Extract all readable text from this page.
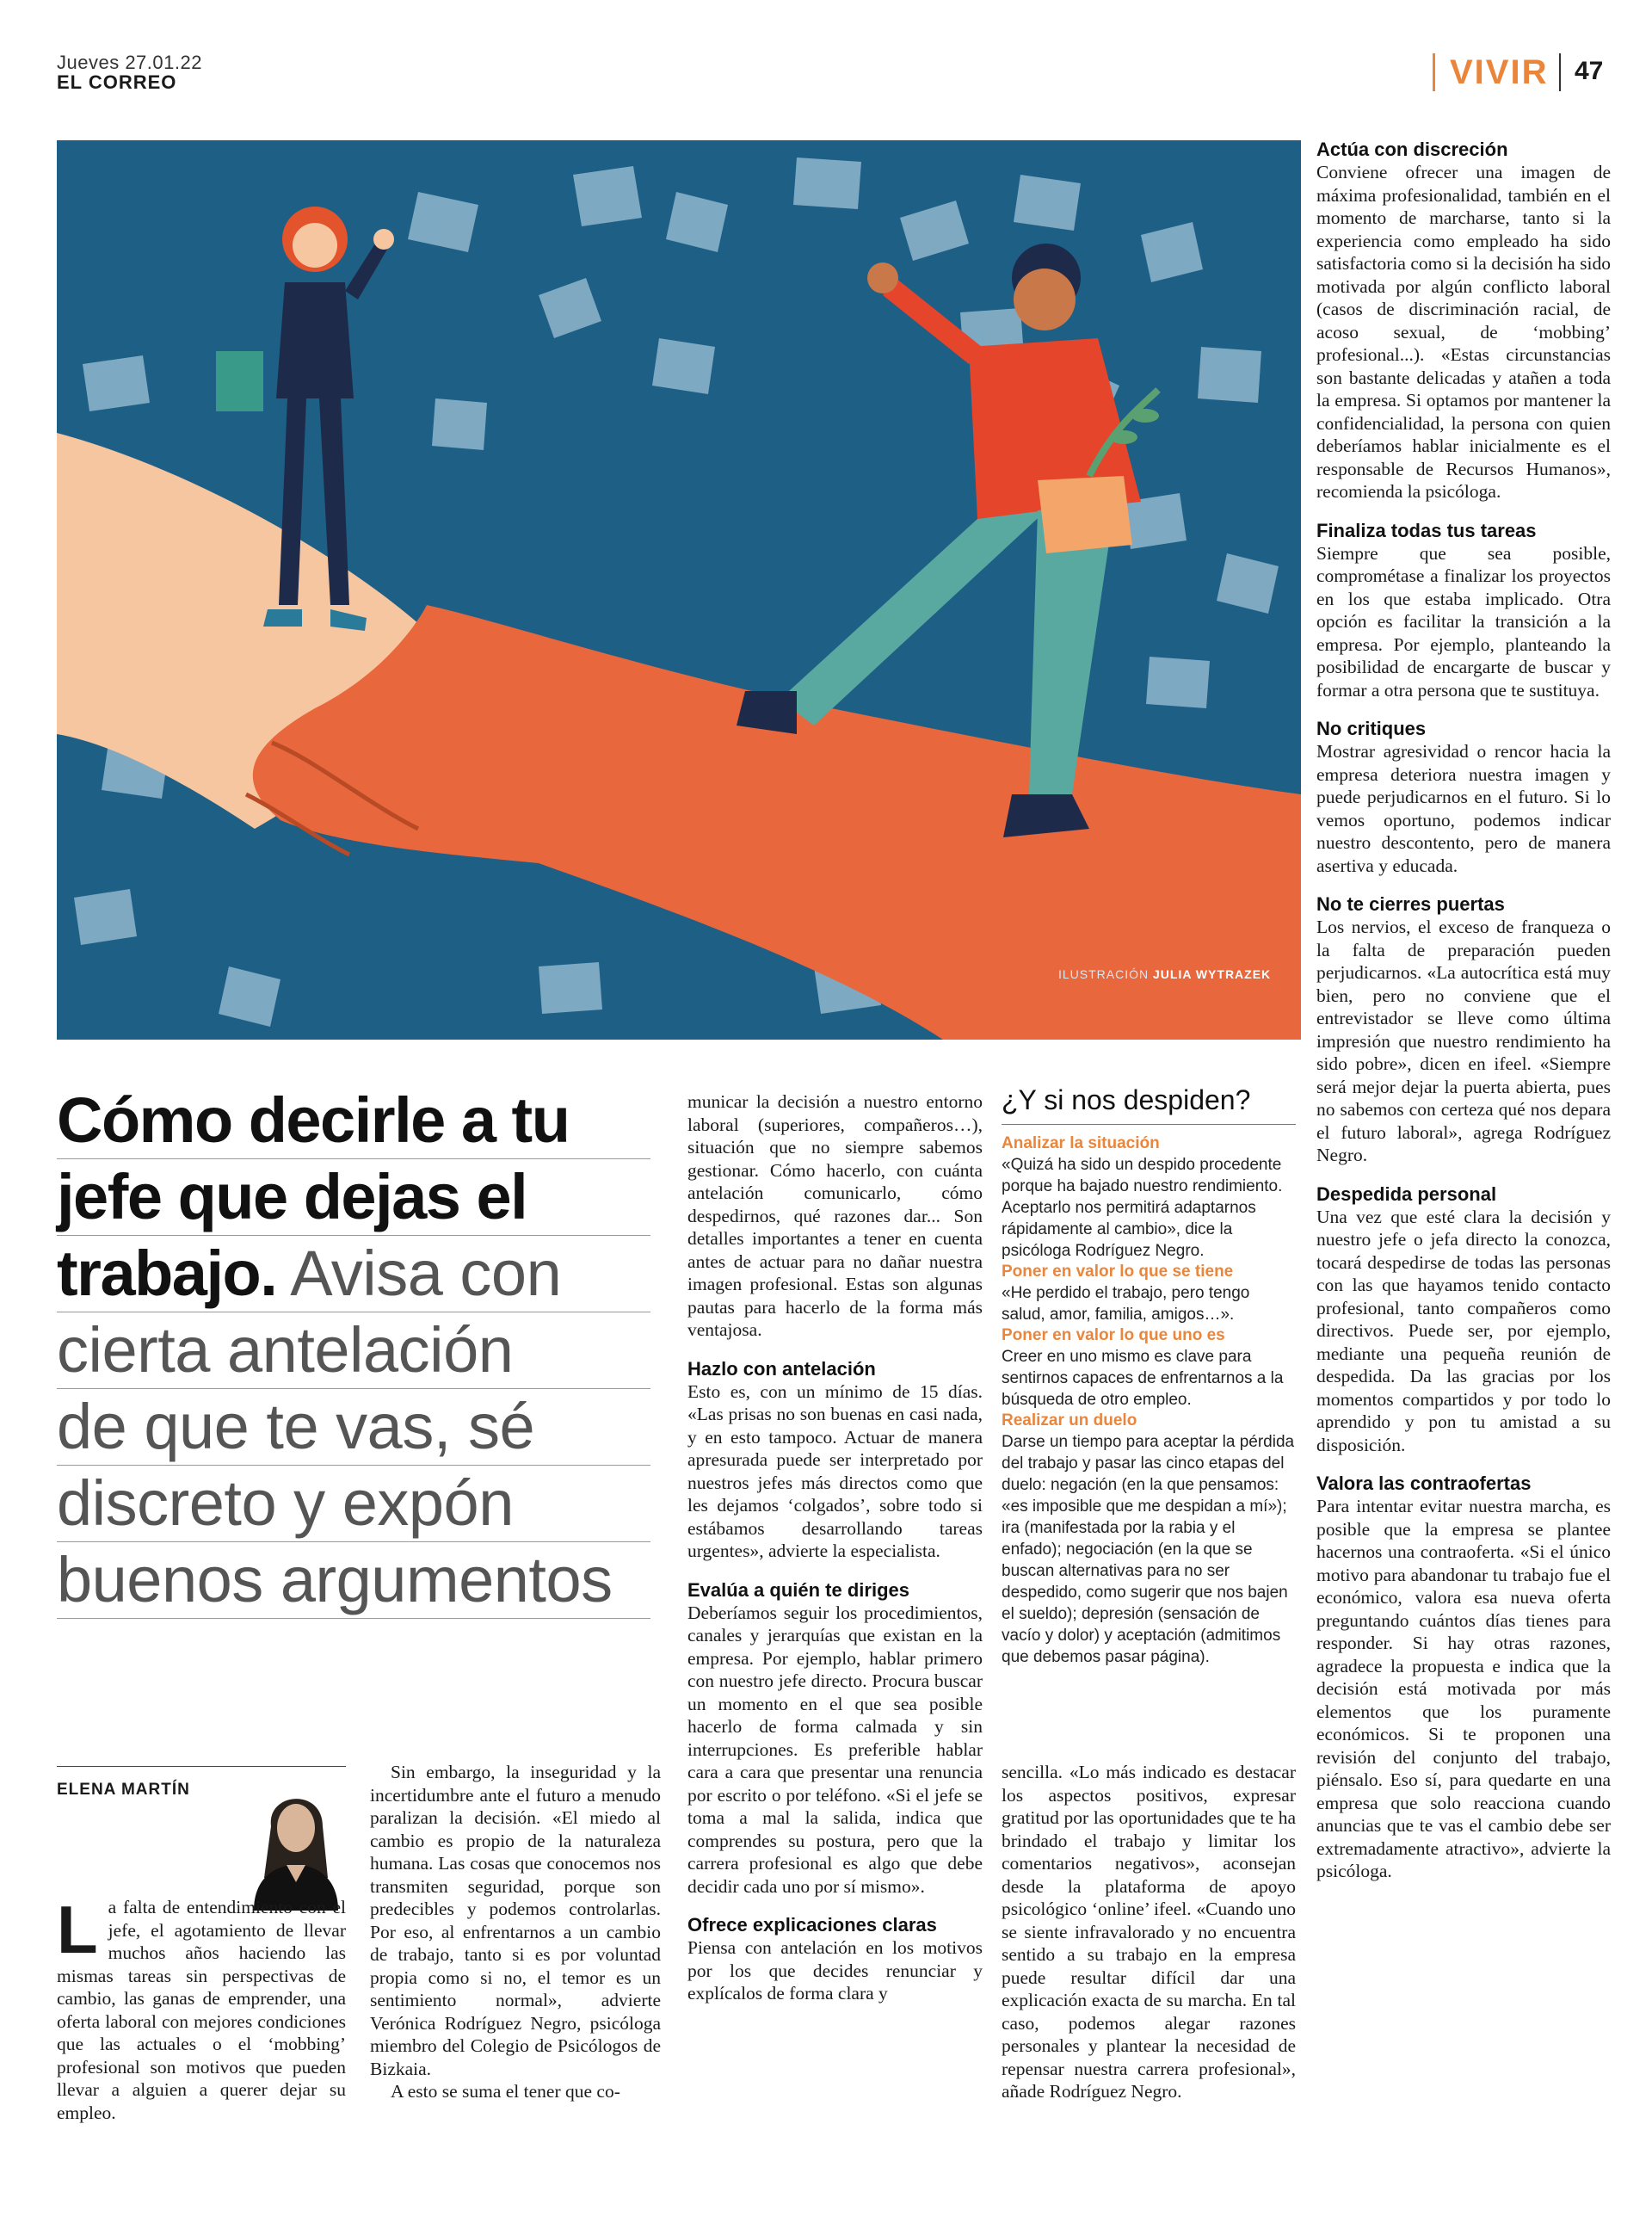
Jueves 27.01.22
EL CORREO	VIVIR 47
ILUSTRACIÓN JULIA WYTRAZEK
Cómo decirle a tu
jefe que dejas el
trabajo. Avisa con
cierta antelación
de que te vas, sé
discreto y expón
buenos argumentos
ELENA MARTÍN

La falta de entendimiento con el jefe, el agotamiento de llevar muchos años haciendo las mismas tareas sin perspectivas de cambio, las ganas de emprender, una oferta laboral con mejores condiciones que las actuales o el ‘mobbing’ profesional son motivos que pueden llevar a alguien a querer dejar su empleo.

Sin embargo, la inseguridad y la incertidumbre ante el futuro a menudo paralizan la decisión. «El miedo al cambio es propio de la naturaleza humana. Las cosas que conocemos nos transmiten seguridad, porque son predecibles y podemos controlarlas. Por eso, al enfrentarnos a un cambio de trabajo, tanto si es por voluntad propia como si no, el temor es un sentimiento normal», advierte Verónica Rodríguez Negro, psicóloga miembro del Colegio de Psicólogos de Bizkaia.

A esto se suma el tener que co-

municar la decisión a nuestro entorno laboral (superiores, compañeros…), situación que no siempre sabemos gestionar. Cómo hacerlo, con cuánta antelación comunicarlo, cómo despedirnos, qué razones dar... Son detalles importantes a tener en cuenta antes de actuar para no dañar nuestra imagen profesional. Estas son algunas pautas para hacerlo de la forma más ventajosa.

Hazlo con antelación

Esto es, con un mínimo de 15 días. «Las prisas no son buenas en casi nada, y en esto tampoco. Actuar de manera apresurada puede ser interpretado por nuestros jefes más directos como que les dejamos ‘colgados’, sobre todo si estábamos desarrollando tareas urgentes», advierte la especialista.

Evalúa a quién te diriges

Deberíamos seguir los procedimientos, canales y jerarquías que existan en la empresa. Por ejemplo, hablar primero con nuestro jefe directo. Procura buscar un momento en el que sea posible hacerlo de forma calmada y sin interrupciones. Es preferible hablar cara a cara que presentar una renuncia por escrito o por teléfono. «Si el jefe se toma a mal la salida, indica que comprendes su postura, pero que la carrera profesional es algo que debe decidir cada uno por sí mismo».

Ofrece explicaciones claras

Piensa con antelación en los motivos por los que decides renunciar y explícalos de forma clara y

¿Y si nos despiden?
Analizar la situación
«Quizá ha sido un despido procedente porque ha bajado nuestro rendimiento. Aceptarlo nos permitirá adaptarnos rápidamente al cambio», dice la psicóloga Rodríguez Negro.
Poner en valor lo que se tiene
«He perdido el trabajo, pero tengo salud, amor, familia, amigos…».
Poner en valor lo que uno es
Creer en uno mismo es clave para sentirnos capaces de enfrentarnos a la búsqueda de otro empleo.
Realizar un duelo
Darse un tiempo para aceptar la pérdida del trabajo y pasar las cinco etapas del duelo: negación (en la que pensamos: «es imposible que me despidan a mí»); ira (manifestada por la rabia y el enfado); negociación (en la que se buscan alternativas para no ser despedido, como sugerir que nos bajen el sueldo); depresión (sensación de vacío y dolor) y aceptación (admitimos que debemos pasar página).

sencilla. «Lo más indicado es destacar los aspectos positivos, expresar gratitud por las oportunidades que te ha brindado el trabajo y limitar los comentarios negativos», aconsejan desde la plataforma de apoyo psicológico ‘online’ ifeel. «Cuando uno se siente infravalorado y no encuentra sentido a su trabajo en la empresa puede resultar difícil dar una explicación exacta de su marcha. En tal caso, podemos alegar razones personales y plantear la necesidad de repensar nuestra carrera profesional», añade Rodríguez Negro.

Actúa con discreción

Conviene ofrecer una imagen de máxima profesionalidad, también en el momento de marcharse, tanto si la experiencia como empleado ha sido satisfactoria como si la decisión ha sido motivada por algún conflicto laboral (casos de discriminación racial, de acoso sexual, de ‘mobbing’ profesional...). «Estas circunstancias son bastante delicadas y atañen a toda la empresa. Si optamos por mantener la confidencialidad, la persona con quien deberíamos hablar inicialmente es el responsable de Recursos Humanos», recomienda la psicóloga.

Finaliza todas tus tareas

Siempre que sea posible, comprométase a finalizar los proyectos en los que estaba implicado. Otra opción es facilitar la transición a la empresa. Por ejemplo, planteando la posibilidad de encargarte de buscar y formar a otra persona que te sustituya.

No critiques

Mostrar agresividad o rencor hacia la empresa deteriora nuestra imagen y puede perjudicarnos en el futuro. Si lo vemos oportuno, podemos indicar nuestro descontento, pero de manera asertiva y educada.

No te cierres puertas

Los nervios, el exceso de franqueza o la falta de preparación pueden perjudicarnos. «La autocrítica está muy bien, pero no conviene que el entrevistador se lleve como última impresión que nuestro rendimiento ha sido pobre», dicen en ifeel. «Siempre será mejor dejar la puerta abierta, pues no sabemos con certeza qué nos depara el futuro laboral», agrega Rodríguez Negro.

Despedida personal

Una vez que esté clara la decisión y nuestro jefe o jefa directo la conozca, tocará despedirse de todas las personas con las que hayamos tenido contacto profesional, tanto compañeros como directivos. Puede ser, por ejemplo, mediante una pequeña reunión de despedida. Da las gracias por los momentos compartidos y por todo lo aprendido y pon tu amistad a su disposición.

Valora las contraofertas

Para intentar evitar nuestra marcha, es posible que la empresa se plantee hacernos una contraoferta. «Si el único motivo para abandonar tu trabajo fue el económico, valora esa nueva oferta preguntando cuántos días tienes para responder. Si hay otras razones, agradece la propuesta e indica que la decisión está motivada por más elementos que los puramente económicos. Si te proponen una revisión del conjunto del trabajo, piénsalo. Eso sí, para quedarte en una empresa que solo reacciona cuando anuncias que te vas el cambio debe ser extremadamente atractivo», advierte la psicóloga.
